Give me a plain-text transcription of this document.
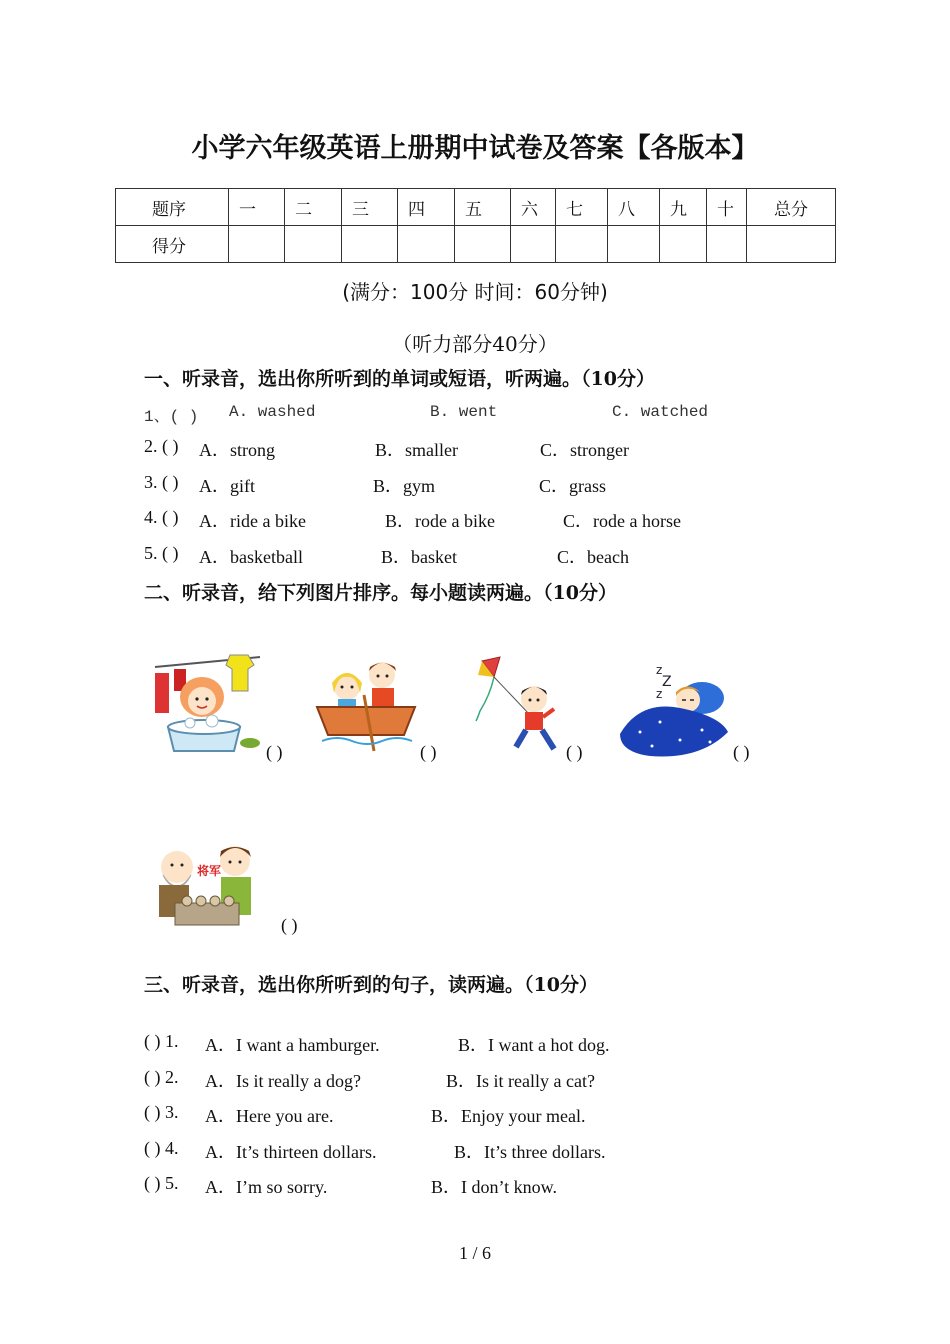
小学六年级英语上册期中试卷及答案【各版本】
题序	一	二	三	四	五	六	七	八	九	十	总分
得分											
(满分：100分 时间：60分钟)
（听力部分40分）
一、听录音，选出你所听到的单词或短语，听两遍。（10分）
1、( ) A. washed	B. went	C. watched
2. ( ) A．strong	B．smaller	C．stronger
3. ( ) A．gift	B．gym	C．grass
4. ( ) A．ride a bike	B．rode a bike	C．rode a horse
5. ( ) A．basketball	B．basket	C．beach
二、听录音，给下列图片排序。每小题读两遍。（10分）
( )	( )	( )
z
Z
z
( )
将军
( )
三、听录音，选出你所听到的句子，读两遍。（10分）
( ) 1. A．I want a hamburger.	B．I want a hot dog.
( ) 2. A．Is it really a dog?	B．Is it really a cat?
( ) 3. A．Here you are.	B．Enjoy your meal.
( ) 4. A．It’s thirteen dollars.	B．It’s three dollars.
( ) 5. A．I’m so sorry.	B．I don’t know.
1 / 6
